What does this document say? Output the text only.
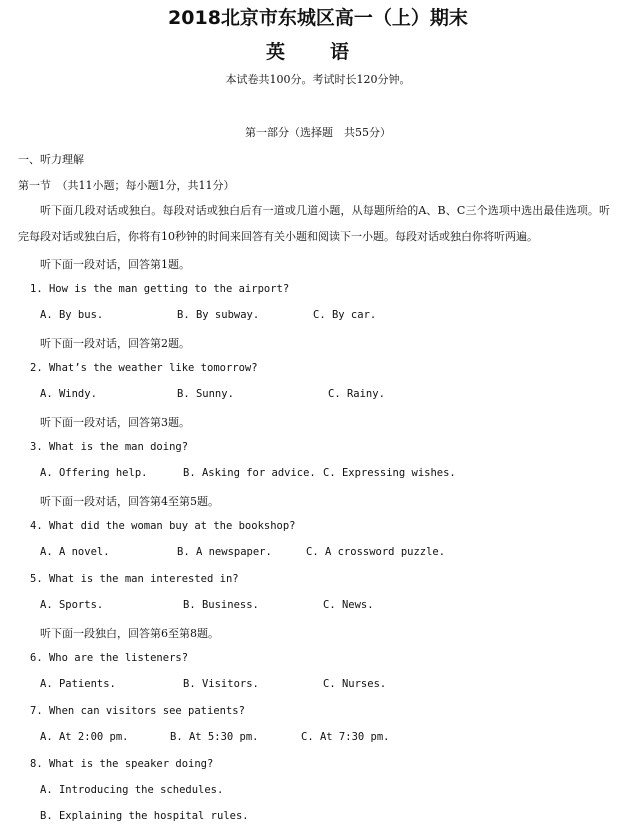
2018北京市东城区高一（上）期末
英 语
本试卷共100分。考试时长120分钟。
第一部分（选择题　共55分）
一、听力理解
第一节　（共11小题；每小题1分，共11分）
听下面几段对话或独白。每段对话或独白后有一道或几道小题，从每题所给的A、B、C三个选项中选出最佳选项。听完每段对话或独白后，你将有10秒钟的时间来回答有关小题和阅读下一小题。每段对话或独白你将听两遍。
听下面一段对话，回答第1题。
1. How is the man getting to the airport?
A. By bus.	B. By subway.	C. By car.
听下面一段对话，回答第2题。
2. What’s the weather like tomorrow?
A. Windy.	B. Sunny.	C. Rainy.
听下面一段对话，回答第3题。
3. What is the man doing?
A. Offering help.	B. Asking for advice. C. Expressing wishes.
听下面一段对话，回答第4至第5题。
4. What did the woman buy at the bookshop?
A. A novel.	B. A newspaper.	C. A crossword puzzle.
5. What is the man interested in?
A. Sports.	B. Business.	C. News.
听下面一段独白，回答第6至第8题。
6. Who are the listeners?
A. Patients.	B. Visitors.	C. Nurses.
7. When can visitors see patients?
A. At 2:00 pm.	B. At 5:30 pm.	C. At 7:30 pm.
8. What is the speaker doing?
A. Introducing the schedules.
B. Explaining the hospital rules.
